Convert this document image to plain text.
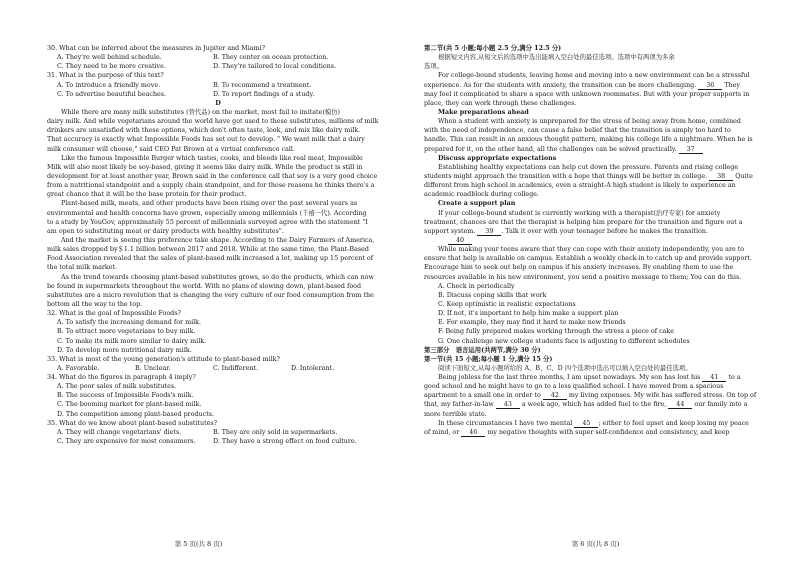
30. What can be inferred about the measures in Jupiter and Miami?
A. They're well behind schedule.	B. They center on ocean protection.
C. They need to be more creative.	D. They're tailored to local conditions.
31. What is the purpose of this text?
A. To introduce a friendly move.	B. To recommend a treatment.
C. To advertise beautiful beaches.	D. To report findings of a study.
D
While there are many milk substitutes (替代品) on the market, most fail to imitate(模仿)
dairy milk. And while vegetarians around the world have got used to these substitutes, millions of milk
drinkers are unsatisfied with these options, which don't often taste, look, and mix like dairy milk.
That accuracy is exactly what Impossible Foods has set out to develop. " We want milk that a dairy
milk consumer will choose," said CEO Pat Brown at a virtual conference call.
Like the famous Impossible Burger which tastes, cooks, and bleeds like real meat, Impossible
Milk will also most likely be soy-based, giving it seems like dairy milk. While the product is still in
development for at least another year, Brown said in the conference call that soy is a very good choice
from a nutritional standpoint and a supply chain standpoint, and for those reasons he thinks there's a
great chance that it will be the base protein for their product.
Plant-based milk, meats, and other products have been rising over the past several years as
environmental and health concerns have grown, especially among millennials (千禧一代). According
to a study by YouGov, approximately 55 percent of millennials surveyed agree with the statement "I
am open to substituting meat or dairy products with healthy substitutes".
And the market is seeing this preference take shape. According to the Dairy Farmers of America,
milk sales dropped by＄1.1 billion between 2017 and 2018. While at the same time, the Plant-Based
Food Association revealed that the sales of plant-based milk increased a lot, making up 15 percent of
the total milk market.
As the trend towards choosing plant-based substitutes grows, so do the products, which can now
be found in supermarkets throughout the world. With no plans of slowing down, plant-based food
substitutes are a micro revolution that is changing the very culture of our food consumption from the
bottom all the way to the top.
32. What is the goal of Impossible Foods?
A. To satisfy the increasing demand for milk.
B. To attract more vegetarians to buy milk.
C. To make its milk more similar to dairy milk.
D. To develop more nutritional dairy milk.
33. What is most of the young generation's attitude to plant-based milk?
A. Favorable.	B. Unclear.	C. Indifferent.	D. Intolerant.
34. What do the figures in paragraph 4 imply?
A. The poor sales of milk substitutes.
B. The success of Impossible Foods's milk.
C. The booming market for plant-based milk.
D. The competition among plant-based products.
35. What do we know about plant-based substitutes?
A. They will change vegetarians' diets.	B. They are only sold in supermarkets.
C. They are expensive for most consumers.	D. They have a strong effect on food culture.
第 5 页(共 8 页)
第二节(共 5 小题;每小题 2.5 分,满分 12.5 分)
根据短文内容,从短文后的选项中选出能填入空白处的最佳选项。选项中有两项为多余
选项。
For college-bound students, leaving home and moving into a new environment can be a stressful
experience. As for the students with anxiety, the transition can be more challenging. 36 They
may feel it complicated to share a space with unknown roommates. But with your proper supports in
place, they can work through these challenges.
Make preparations ahead
When a student with anxiety is unprepared for the stress of being away from home, combined
with the need of independence, can cause a false belief that the transition is simply too hard to
handle. This can result in an anxious thought pattern, making his college life a nightmare. When he is
prepared for it, on the other hand, all the challenges can be solved practically. 37
Discuss appropriate expectations
Establishing healthy expectations can help cut down the pressure. Parents and rising college
students might approach the transition with a hope that things will be better in college. 38 Quite
different from high school in academics, even a straight-A high student is likely to experience an
academic roadblock during college.
Create a support plan
If your college-bound student is currently working with a therapist(治疗专家) for anxiety
treatment, chances are that the therapist is helping him prepare for the transition and figure out a
support system. 39 . Talk it over with your teenager before he makes the transition.
40
While making your teens aware that they can cope with their anxiety independently, you are to
ensure that help is available on campus. Establish a weekly check-in to catch up and provide support.
Encourage him to seek out help on campus if his anxiety increases. By enabling them to use the
resources available in his new environment, you send a positive message to them; You can do this.
A. Check in periodically
B. Discuss coping skills that work
C. Keep optimistic in realistic expectations
D. If not, it's important to help him make a support plan
E. For example, they may find it hard to make new friends
F. Being fully prepared makes working through the stress a piece of cake
G. One challenge new college students face is adjusting to different schedules
第三部分　语言运用(共两节,满分 30 分)
第一节(共 15 小题;每小题 1 分,满分 15 分)
阅读下面短文,从每小题所给的 A、B、C、D 四个选项中选出可以填入空白处的最佳选项。
Being jobless for the last three months, I am upset nowadays. My son has lost his 41 to a
good school and he might have to go to a less qualified school. I have moved from a spacious
apartment to a small one in order to 42 my living expenses. My wife has suffered stress. On top of
that, my father-in-law 43 a week ago, which has added fuel to the fire, 44 our family into a
more terrible state.
In these circumstances I have two mental 45 ; either to feel upset and keep losing my peace
of mind, or 46 my negative thoughts with super self-confidence and consistency, and keep
第 6 页(共 8 页)
